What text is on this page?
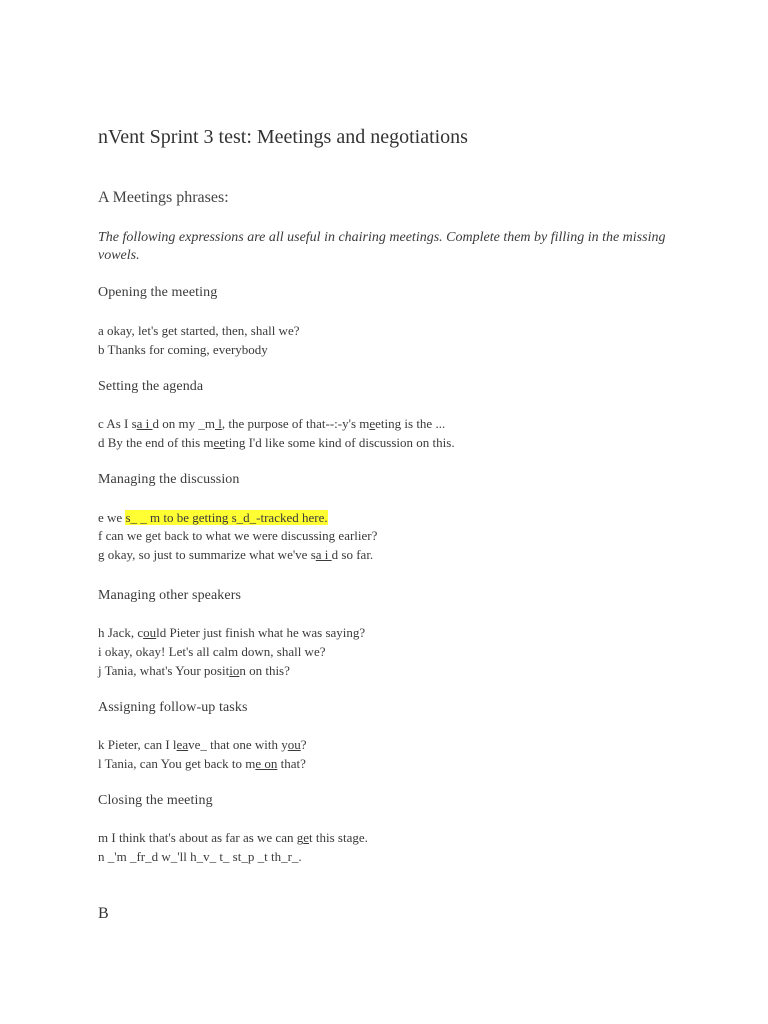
nVent Sprint 3 test: Meetings and negotiations
A Meetings phrases:
The following expressions are all useful in chairing meetings. Complete them by filling in the missing vowels.
Opening the meeting
a okay, let's get started, then, shall we?
b Thanks for coming, everybody
Setting the agenda
c As I sa i d on my _m l, the purpose of that--:-y's meeting is the ...
d By the end of this meeting I'd like some kind of discussion on this.
Managing the discussion
e we s_ _ m to be getting s_d_-tracked here.
f can we get back to what we were discussing earlier?
g okay, so just to summarize what we've sa i d so far.
Managing other speakers
h Jack, could Pieter just finish what he was saying?
i okay, okay! Let's all calm down, shall we?
j Tania, what's Your position on this?
Assigning follow-up tasks
k Pieter, can I leave_ that one with you?
l Tania, can You get back to me on that?
Closing the meeting
m I think that's about as far as we can get this stage.
n _'m _fr_d w_'ll h_v_ t_ st_p _t th_r_.
B
